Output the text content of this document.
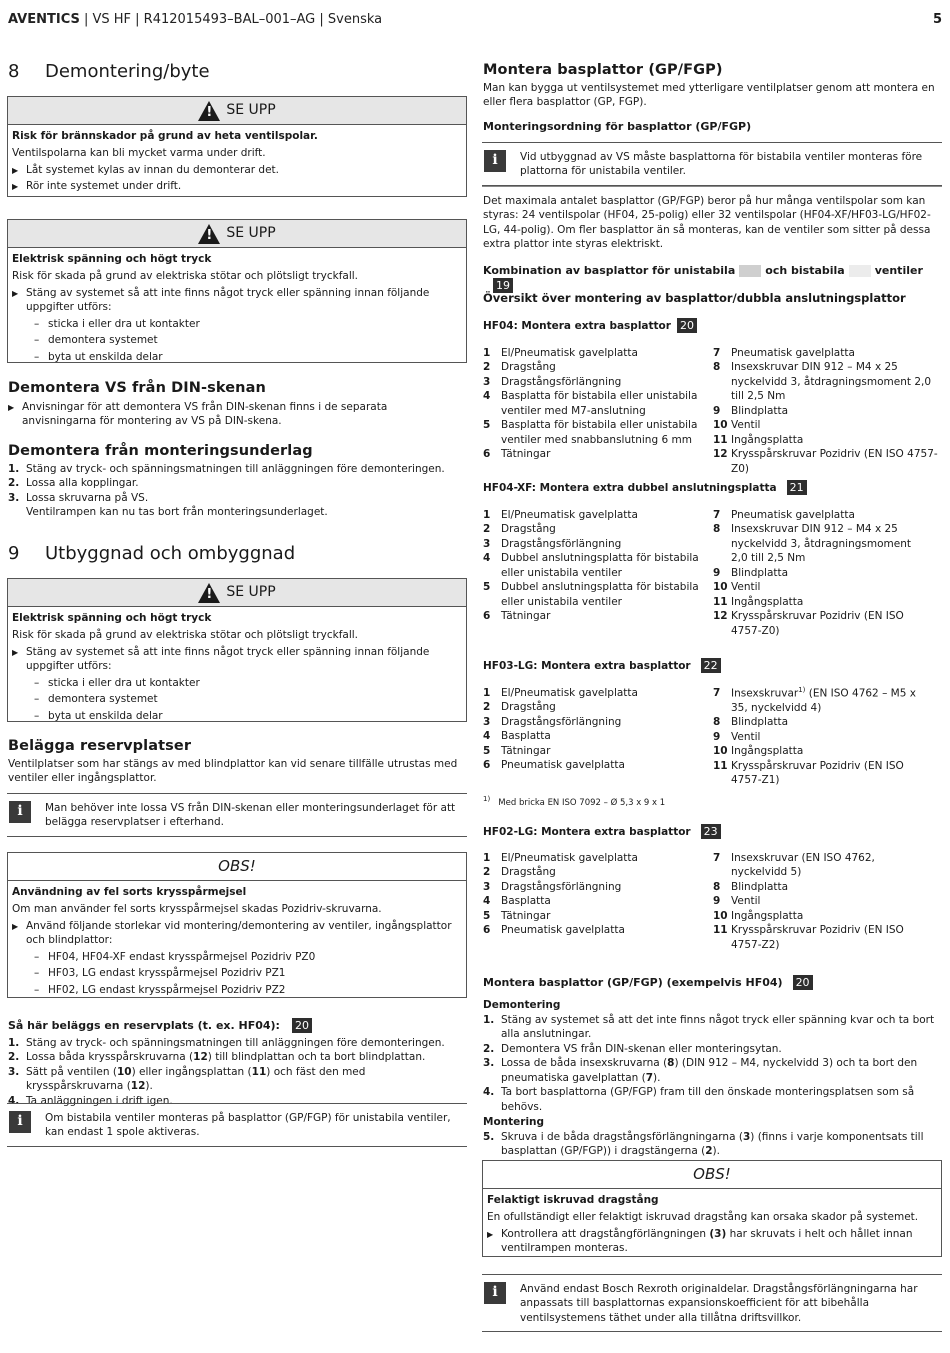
AVENTICS | VS HF | R412015493–BAL–001–AG | Svenska	5
8	Demontering/byte
!
SE UPP
Risk för brännskador på grund av heta ventilspolar.
Ventilspolarna kan bli mycket varma under drift.
▶ Låt systemet kylas av innan du demonterar det.
▶ Rör inte systemet under drift.
!
SE UPP
Elektrisk spänning och högt tryck
Risk för skada på grund av elektriska stötar och plötsligt tryckfall.
▶ Stäng av systemet så att inte finns något tryck eller spänning innan följande uppgifter utförs:
– sticka i eller dra ut kontakter
– demontera systemet
– byta ut enskilda delar
Demontera VS från DIN-skenan
▶ Anvisningar för att demontera VS från DIN-skenan finns i de separata anvisningarna för montering av VS på DIN-skena.
Demontera från monteringsunderlag
1. Stäng av tryck- och spänningsmatningen till anläggningen före demonteringen.
2. Lossa alla kopplingar.
3. Lossa skruvarna på VS.
Ventilrampen kan nu tas bort från monteringsunderlaget.
9	Utbyggnad och ombyggnad
!
SE UPP
Elektrisk spänning och högt tryck
Risk för skada på grund av elektriska stötar och plötsligt tryckfall.
▶ Stäng av systemet så att inte finns något tryck eller spänning innan följande uppgifter utförs:
– sticka i eller dra ut kontakter
– demontera systemet
– byta ut enskilda delar
Belägga reservplatser
Ventilplatser som har stängs av med blindplattor kan vid senare tillfälle utrustas med ventiler eller ingångsplattor.
i	Man behöver inte lossa VS från DIN-skenan eller monteringsunderlaget för att belägga reservplatser i efterhand.
OBS!
Användning av fel sorts krysspårmejsel
Om man använder fel sorts krysspårmejsel skadas Pozidriv-skruvarna.
▶ Använd följande storlekar vid montering/demontering av ventiler, ingångsplattor och blindplattor:
– HF04, HF04-XF endast krysspårmejsel Pozidriv PZ0
– HF03, LG endast krysspårmejsel Pozidriv PZ1
– HF02, LG endast krysspårmejsel Pozidriv PZ2
Så här beläggs en reservplats (t. ex. HF04): 20
1. Stäng av tryck- och spänningsmatningen till anläggningen före demonteringen.
2. Lossa båda krysspårskruvarna (12) till blindplattan och ta bort blindplattan.
3. Sätt på ventilen (10) eller ingångsplattan (11) och fäst den med krysspårskruvarna (12).
4. Ta anläggningen i drift igen.
i	Om bistabila ventiler monteras på basplattor (GP/FGP) för unistabila ventiler, kan endast 1 spole aktiveras.
Montera basplattor (GP/FGP)
Man kan bygga ut ventilsystemet med ytterligare ventilplatser genom att montera en eller flera basplattor (GP, FGP).
Monteringsordning för basplattor (GP/FGP)
i	Vid utbyggnad av VS måste basplattorna för bistabila ventiler monteras före plattorna för unistabila ventiler.
Det maximala antalet basplattor (GP/FGP) beror på hur många ventilspolar som kan styras: 24 ventilspolar (HF04, 25-polig) eller 32 ventilspolar (HF04-XF/HF03-LG/HF02-LG, 44-polig). Om fler basplattor än så monteras, kan de ventiler som sitter på dessa extra plattor inte styras elektriskt.
Kombination av basplattor för unistabila	och bistabila	ventiler19
Översikt över montering av basplattor/dubbla anslutningsplattor
HF04: Montera extra basplattor 20
1	El/Pneumatisk gavelplatta
2	Dragstång
3	Dragstångsförlängning
4	Basplatta för bistabila eller unistabila ventiler med M7-anslutning
5	Basplatta för bistabila eller unistabila ventiler med snabbanslutning 6 mm
6	Tätningar
7	Pneumatisk gavelplatta
8	Insexskruvar DIN 912 – M4 x 25 nyckelvidd 3, åtdragningsmoment 2,0 till 2,5 Nm
9	Blindplatta
10 Ventil
11 Ingångsplatta
12 Krysspårskruvar Pozidriv (EN ISO 4757-Z0)
HF04-XF: Montera extra dubbel anslutningsplatta 21
1	El/Pneumatisk gavelplatta
2	Dragstång
3	Dragstångsförlängning
4	Dubbel anslutningsplatta för bistabila eller unistabila ventiler
5	Dubbel anslutningsplatta för bistabila eller unistabila ventiler
6	Tätningar
7	Pneumatisk gavelplatta
8	Insexskruvar DIN 912 – M4 x 25 nyckelvidd 3, åtdragningsmoment 2,0 till 2,5 Nm
9	Blindplatta
10 Ventil
11 Ingångsplatta
12 Krysspårskruvar Pozidriv (EN ISO 4757-Z0)
HF03-LG: Montera extra basplattor 22
1	El/Pneumatisk gavelplatta
2	Dragstång
3	Dragstångsförlängning
4	Basplatta
5	Tätningar
6	Pneumatisk gavelplatta
7	Insexskruvar$^{1)}$ (EN ISO 4762 – M5 x 35, nyckelvidd 4)
8	Blindplatta
9	Ventil
10 Ingångsplatta
11 Krysspårskruvar Pozidriv (EN ISO 4757-Z1)
$^{1)}$ Med bricka EN ISO 7092 – Ø 5,3 x 9 x 1
HF02-LG: Montera extra basplattor 23
1	El/Pneumatisk gavelplatta
2	Dragstång
3	Dragstångsförlängning
4	Basplatta
5	Tätningar
6	Pneumatisk gavelplatta
7	Insexskruvar (EN ISO 4762, nyckelvidd 5)
8	Blindplatta
9	Ventil
10 Ingångsplatta
11 Krysspårskruvar Pozidriv (EN ISO 4757-Z2)
Montera basplattor (GP/FGP) (exempelvis HF04) 20
Demontering
1. Stäng av systemet så att det inte finns något tryck eller spänning kvar och ta bort alla anslutningar.
2. Demontera VS från DIN-skenan eller monteringsytan.
3. Lossa de båda insexskruvarna (8) (DIN 912 – M4, nyckelvidd 3) och ta bort den pneumatiska gavelplattan (7).
4. Ta bort basplattorna (GP/FGP) fram till den önskade monteringsplatsen som så behövs.
Montering
5. Skruva i de båda dragstångsförlängningarna (3) (finns i varje komponentsats till basplattan (GP/FGP)) i dragstängerna (2).
OBS!
Felaktigt iskruvad dragstång
En ofullständigt eller felaktigt iskruvad dragstång kan orsaka skador på systemet.
▶ Kontrollera att dragstångförlängningen (3) har skruvats i helt och hållet innan ventilrampen monteras.
i	Använd endast Bosch Rexroth originaldelar. Dragstångsförlängningarna har anpassats till basplattornas expansionskoefficient för att bibehålla ventilsystemens täthet under alla tillåtna driftsvillkor.
